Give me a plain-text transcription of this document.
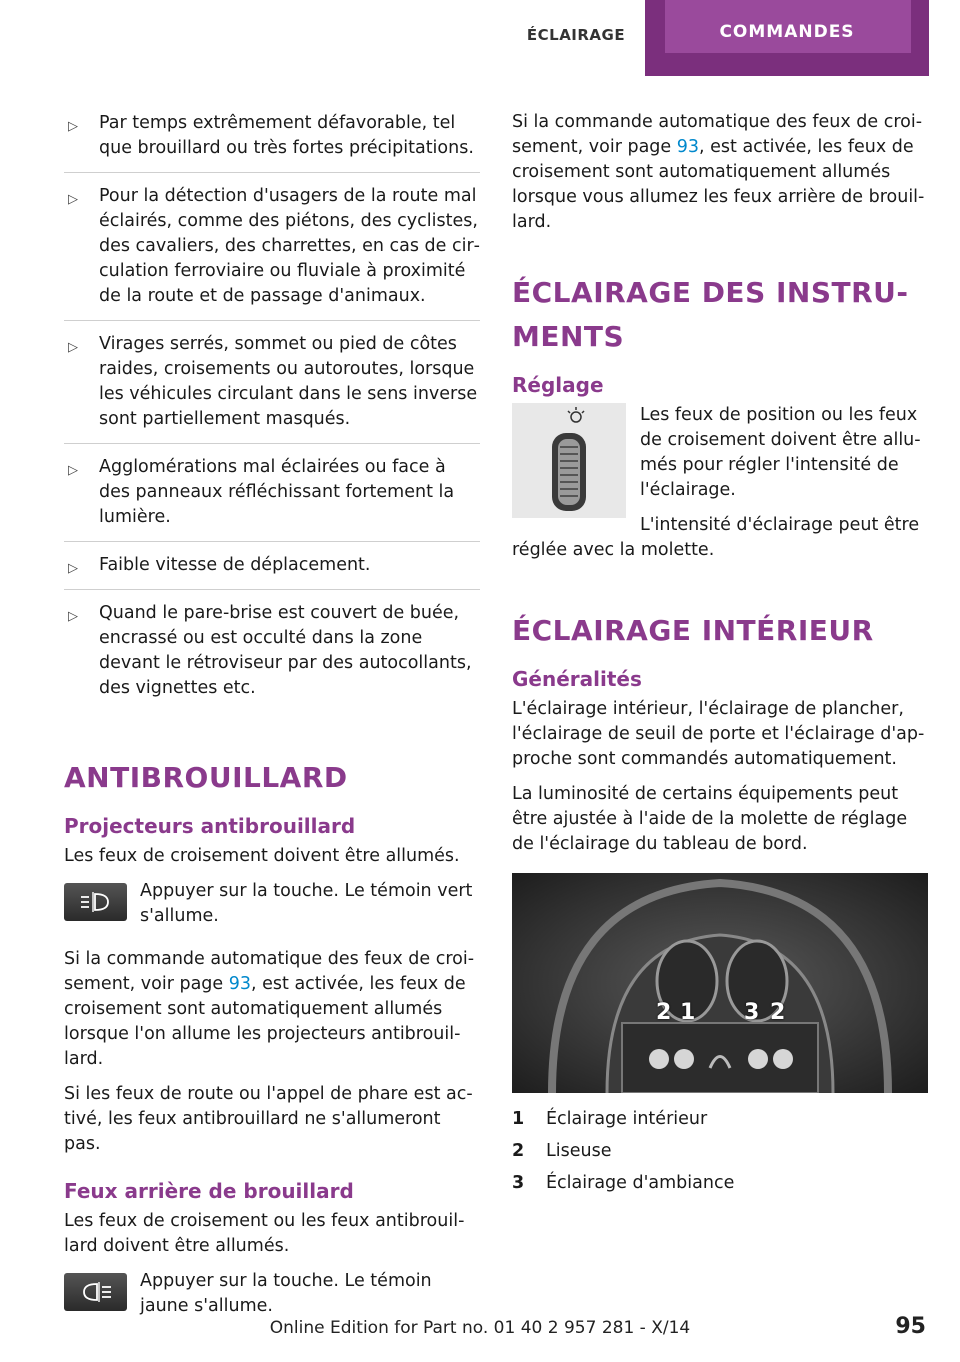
ÉCLAIRAGE	COMMANDES
▷ Par temps extrêmement défavorable, tel que brouillard ou très fortes précipitations.
▷ Pour la détection d'usagers de la route mal éclairés, comme des piétons, des cyclistes, des cavaliers, des charrettes, en cas de circulation ferroviaire ou fluviale à proximité de la route et de passage d'animaux.
▷ Virages serrés, sommet ou pied de côtes raides, croisements ou autoroutes, lorsque les véhicules circulant dans le sens inverse sont partiellement masqués.
▷ Agglomérations mal éclairées ou face à des panneaux réfléchissant fortement la lumière.
▷ Faible vitesse de déplacement.
▷ Quand le pare-brise est couvert de buée, encrassé ou est occulté dans la zone devant le rétroviseur par des autocollants, des vignettes etc.
ANTIBROUILLARD
Projecteurs antibrouillard

Les feux de croisement doivent être allumés.

Appuyer sur la touche. Le témoin vert s'allume.

Si la commande automatique des feux de croisement, voir page 93, est activée, les feux de croisement sont automatiquement allumés lorsque l'on allume les projecteurs antibrouillard.

Si les feux de route ou l'appel de phare est activé, les feux antibrouillard ne s'allumeront pas.

Feux arrière de brouillard

Les feux de croisement ou les feux antibrouillard doivent être allumés.

Appuyer sur la touche. Le témoin jaune s'allume.

Si la commande automatique des feux de croisement, voir page 93, est activée, les feux de croisement sont automatiquement allumés lorsque vous allumez les feux arrière de brouillard.

ÉCLAIRAGE DES INSTRUMENTS
Réglage

Les feux de position ou les feux de croisement doivent être allumés pour régler l'intensité de l'éclairage.

L'intensité d'éclairage peut être réglée avec la molette.

ÉCLAIRAGE INTÉRIEUR
Généralités

L'éclairage intérieur, l'éclairage de plancher, l'éclairage de seuil de porte et l'éclairage d'approche sont commandés automatiquement.

La luminosité de certains équipements peut être ajustée à l'aide de la molette de réglage de l'éclairage du tableau de bord.

2 1 3 2
1	Éclairage intérieur
2	Liseuse
3	Éclairage d'ambiance
Online Edition for Part no. 01 40 2 957 281 - X/14	95
